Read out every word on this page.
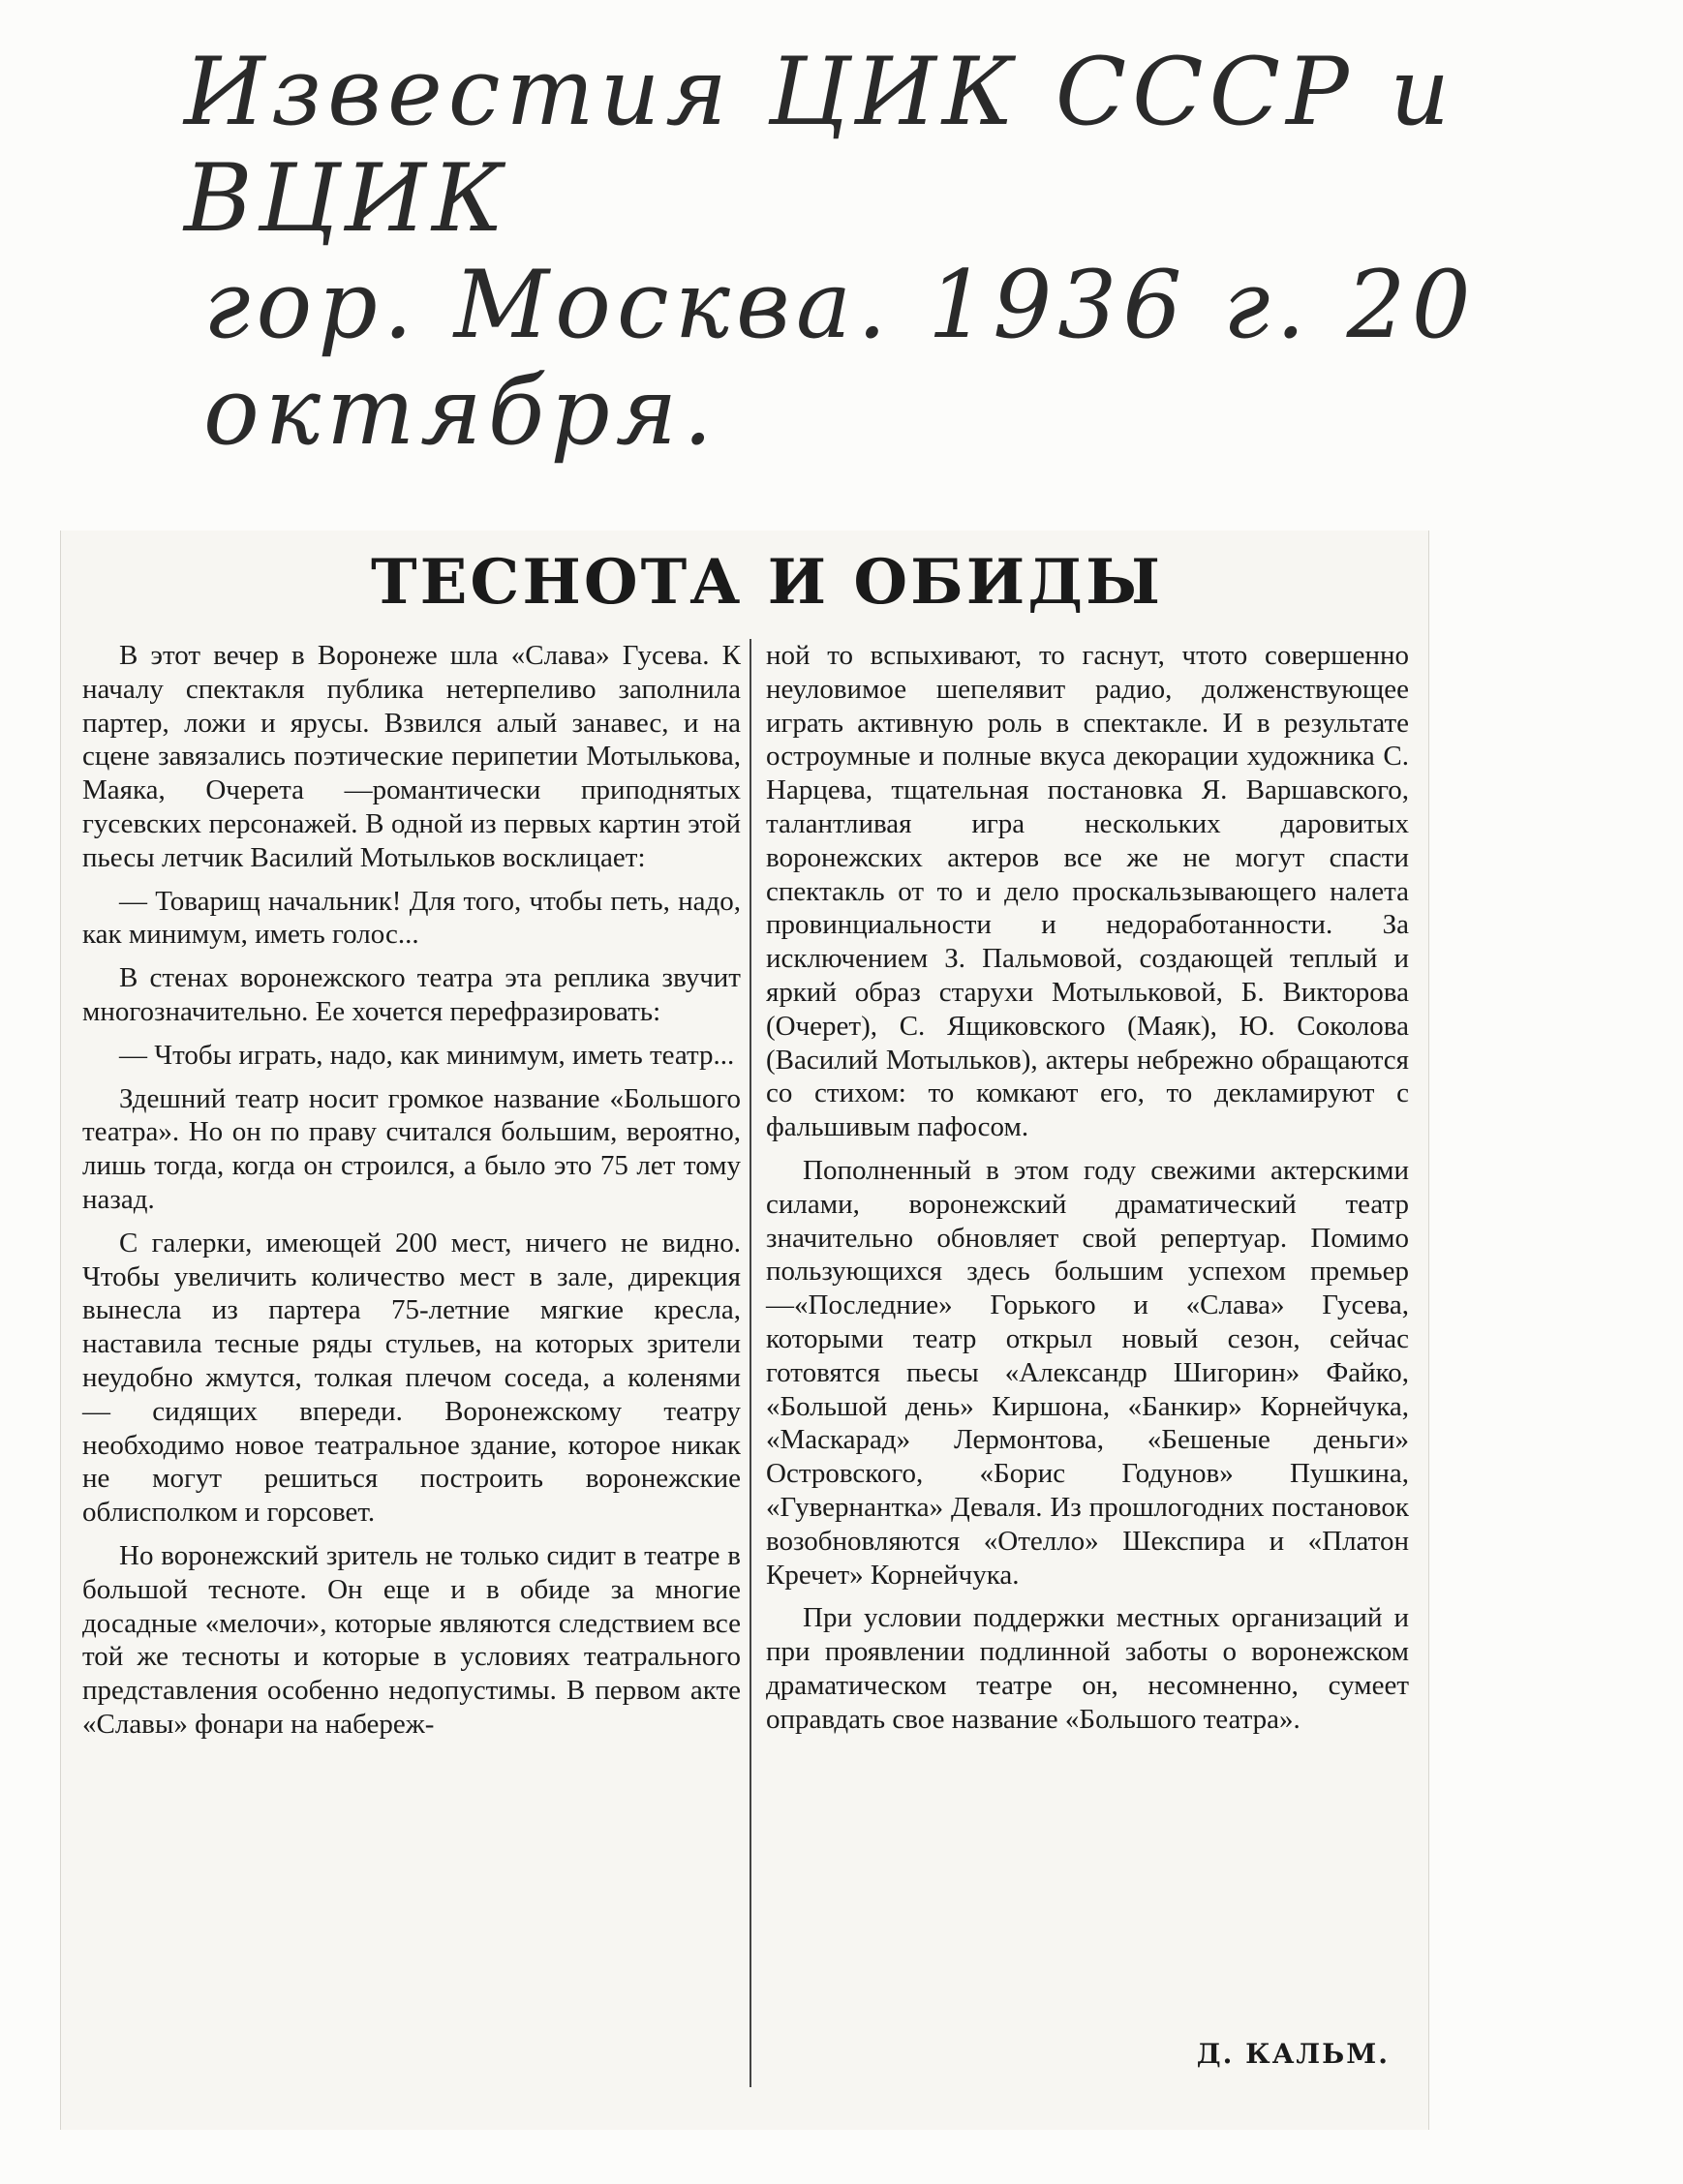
Известия ЦИК СССР и ВЦИК
гор. Москва. 1936 г. 20 октября.
ТЕСНОТА И ОБИДЫ

В этот вечер в Воронеже шла «Слава» Гусева. К началу спектакля публика нетерпеливо заполнила партер, ложи и ярусы. Взвился алый занавес, и на сцене завязались поэтические перипетии Мотылькова, Маяка, Очерета —романтически приподнятых гусевских персонажей. В одной из первых картин этой пьесы летчик Василий Мотыльков восклицает:

— Товарищ начальник! Для того, чтобы петь, надо, как минимум, иметь голос...

В стенах воронежского театра эта реплика звучит многозначительно. Ее хочется перефразировать:

— Чтобы играть, надо, как минимум, иметь театр...

Здешний театр носит громкое название «Большого театра». Но он по праву считался большим, вероятно, лишь тогда, когда он строился, а было это 75 лет тому назад.

С галерки, имеющей 200 мест, ничего не видно. Чтобы увеличить количество мест в зале, дирекция вынесла из партера 75-летние мягкие кресла, наставила тесные ряды стульев, на которых зрители неудобно жмутся, толкая плечом соседа, а коленями — сидящих впереди. Воронежскому театру необходимо новое театральное здание, которое никак не могут решиться построить воронежские облисполком и горсовет.

Но воронежский зритель не только сидит в театре в большой тесноте. Он еще и в обиде за многие досадные «мелочи», которые являются следствием все той же тесноты и которые в условиях театрального представления особенно недопустимы. В первом акте «Славы» фонари на набереж-

ной то вспыхивают, то гаснут, чтото совершенно неуловимое шепелявит радио, долженствующее играть активную роль в спектакле. И в результате остроумные и полные вкуса декорации художника С. Нарцева, тщательная постановка Я. Варшавского, талантливая игра нескольких даровитых воронежских актеров все же не могут спасти спектакль от то и дело проскальзывающего налета провинциальности и недоработанности. За исключением З. Пальмовой, создающей теплый и яркий образ старухи Мотыльковой, Б. Викторова (Очерет), С. Ящиковского (Маяк), Ю. Соколова (Василий Мотыльков), актеры небрежно обращаются со стихом: то комкают его, то декламируют с фальшивым пафосом.

Пополненный в этом году свежими актерскими силами, воронежский драматический театр значительно обновляет свой репертуар. Помимо пользующихся здесь большим успехом премьер—«Последние» Горького и «Слава» Гусева, которыми театр открыл новый сезон, сейчас готовятся пьесы «Александр Шигорин» Файко, «Большой день» Киршона, «Банкир» Корнейчука, «Маскарад» Лермонтова, «Бешеные деньги» Островского, «Борис Годунов» Пушкина, «Гувернантка» Деваля. Из прошлогодних постановок возобновляются «Отелло» Шекспира и «Платон Кречет» Корнейчука.

При условии поддержки местных организаций и при проявлении подлинной заботы о воронежском драматическом театре он, несомненно, сумеет оправдать свое название «Большого театра».

Д. КАЛЬМ.
